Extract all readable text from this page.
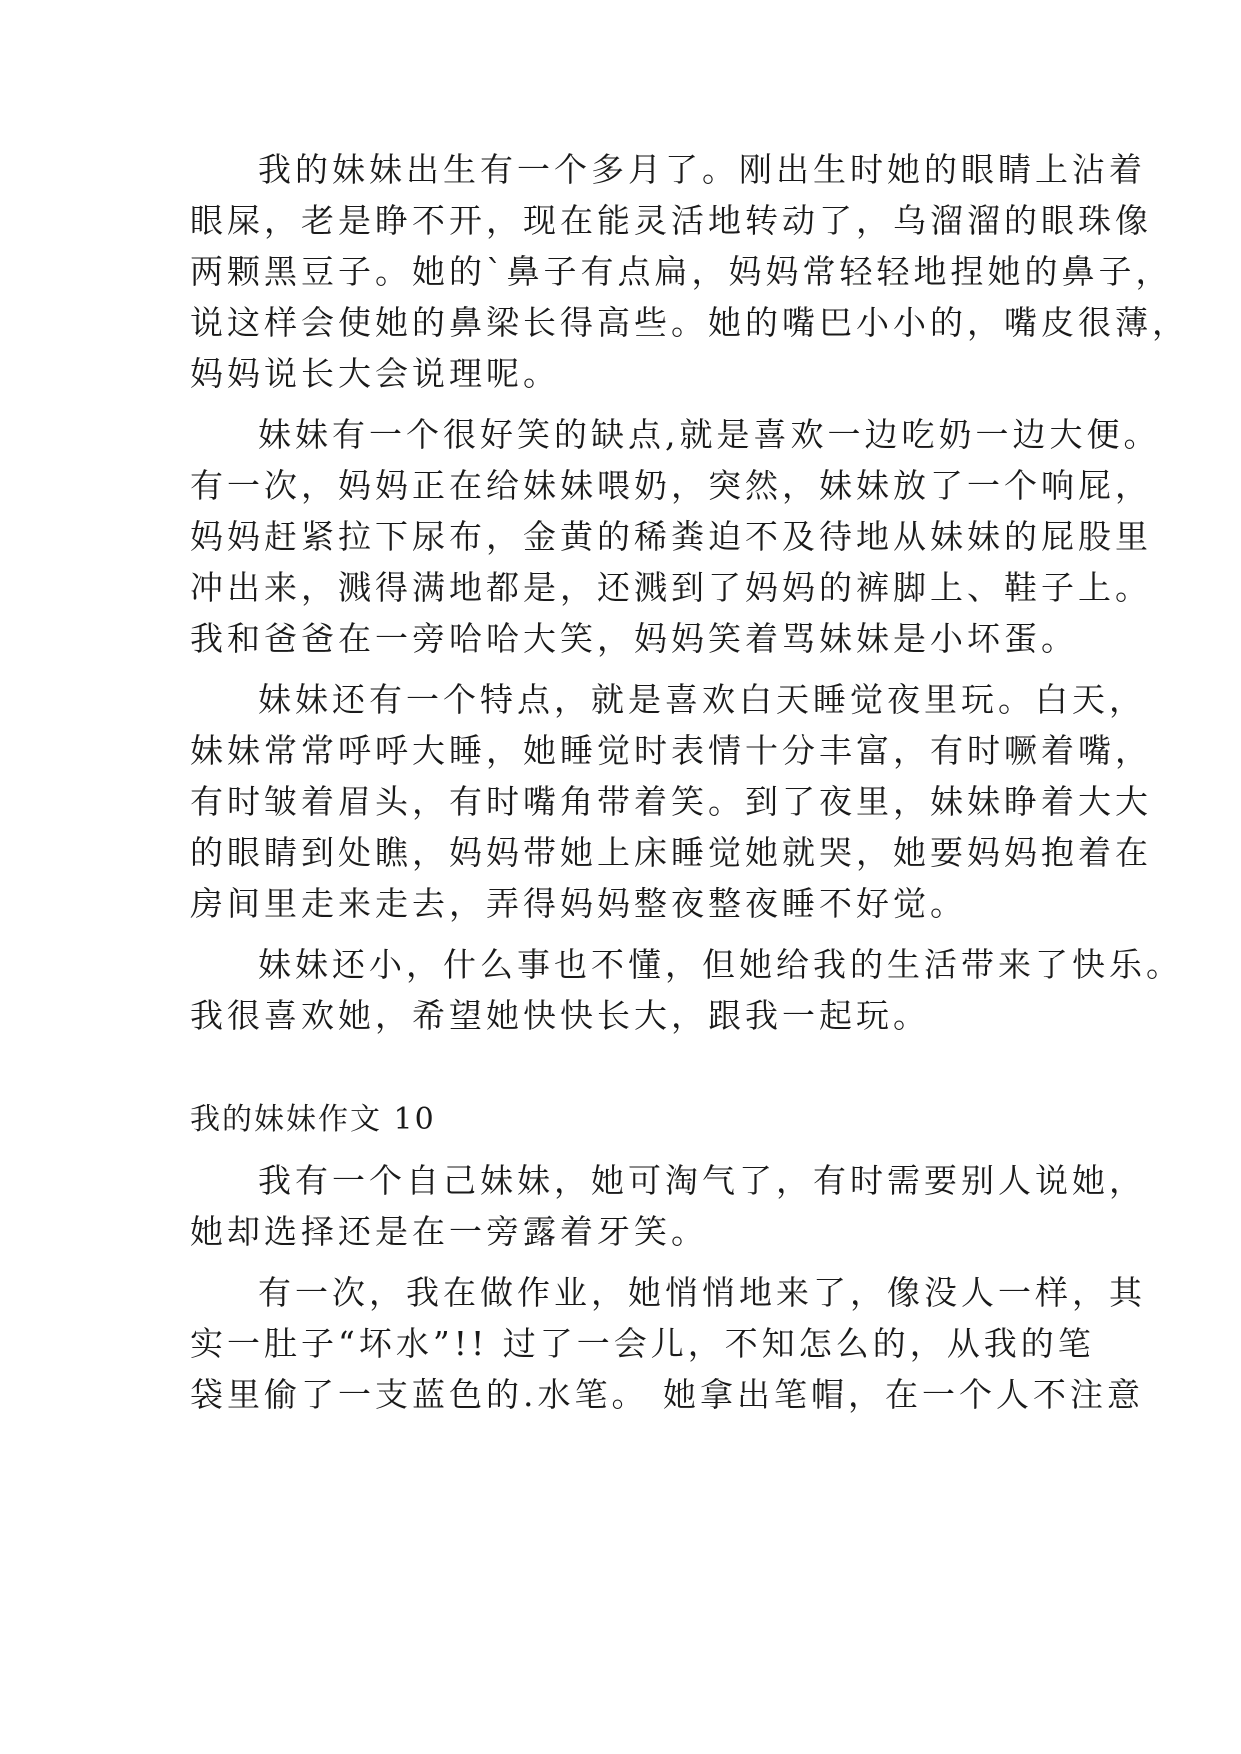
我的妹妹出生有一个多月了。刚出生时她的眼睛上沾着
眼屎，老是睁不开，现在能灵活地转动了，乌溜溜的眼珠像
两颗黑豆子。她的`鼻子有点扁，妈妈常轻轻地捏她的鼻子，
说这样会使她的鼻梁长得高些。她的嘴巴小小的，嘴皮很薄，
妈妈说长大会说理呢。
妹妹有一个很好笑的缺点,就是喜欢一边吃奶一边大便。
有一次，妈妈正在给妹妹喂奶，突然，妹妹放了一个响屁，
妈妈赶紧拉下尿布，金黄的稀粪迫不及待地从妹妹的屁股里
冲出来，溅得满地都是，还溅到了妈妈的裤脚上、鞋子上。
我和爸爸在一旁哈哈大笑，妈妈笑着骂妹妹是小坏蛋。
妹妹还有一个特点，就是喜欢白天睡觉夜里玩。白天，
妹妹常常呼呼大睡，她睡觉时表情十分丰富，有时噘着嘴，
有时皱着眉头，有时嘴角带着笑。到了夜里，妹妹睁着大大
的眼睛到处瞧，妈妈带她上床睡觉她就哭，她要妈妈抱着在
房间里走来走去，弄得妈妈整夜整夜睡不好觉。
妹妹还小，什么事也不懂，但她给我的生活带来了快乐。
我很喜欢她，希望她快快长大，跟我一起玩。
我的妹妹作文 10
我有一个自己妹妹，她可淘气了，有时需要别人说她，
她却选择还是在一旁露着牙笑。
有一次，我在做作业，她悄悄地来了，像没人一样，其
实一肚子“坏水”!! 过了一会儿，不知怎么的，从我的笔
袋里偷了一支蓝色的.水笔。 她拿出笔帽，在一个人不注意
